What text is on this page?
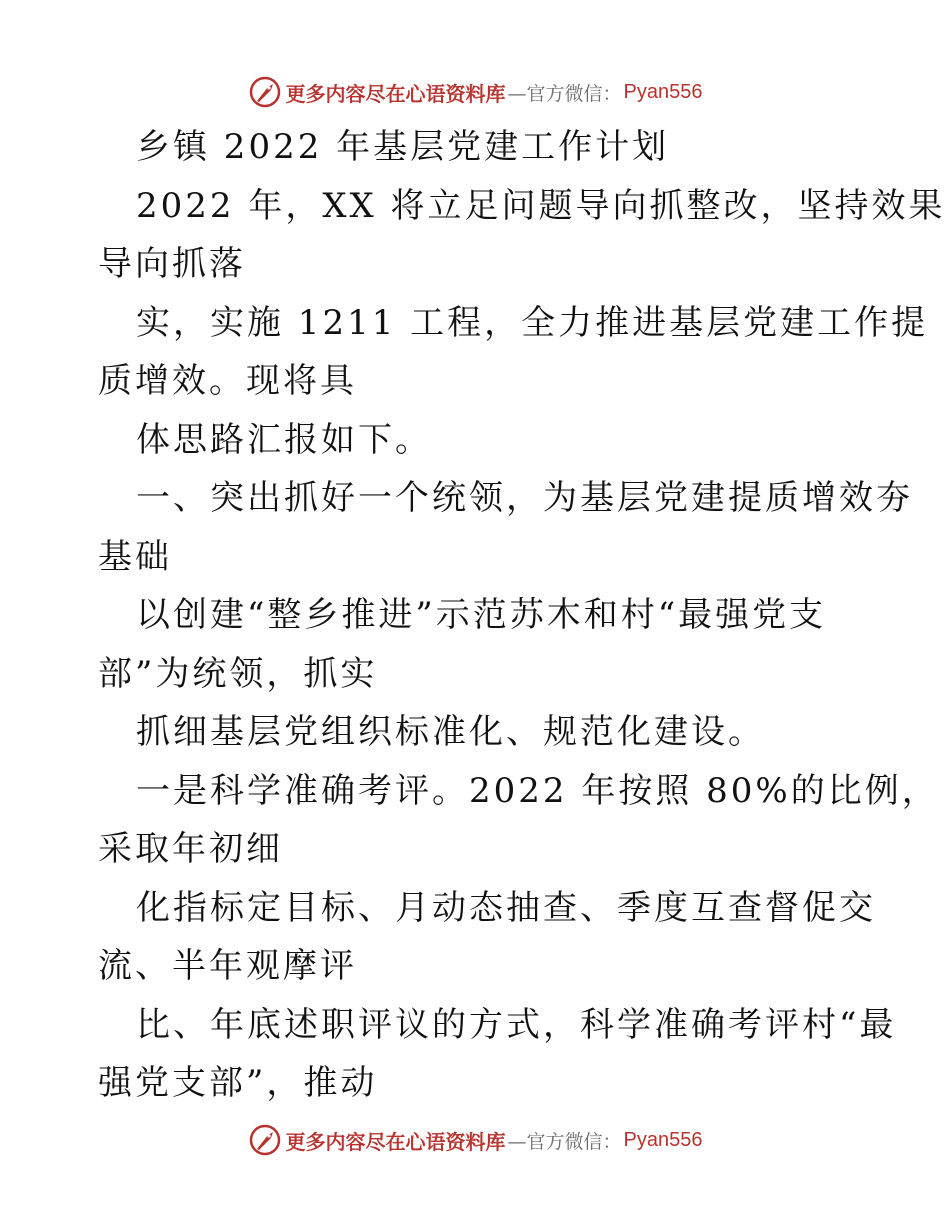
更多内容尽在心语资料库 —官方微信： Pyan556
乡镇 2022 年基层党建工作计划
2022 年，XX 将立足问题导向抓整改，坚持效果
导向抓落
实，实施 1211 工程，全力推进基层党建工作提
质增效。现将具
体思路汇报如下。
一、突出抓好一个统领，为基层党建提质增效夯
基础
以创建“整乡推进”示范苏木和村“最强党支
部”为统领，抓实
抓细基层党组织标准化、规范化建设。
一是科学准确考评。2022 年按照 80%的比例，
采取年初细
化指标定目标、月动态抽查、季度互查督促交
流、半年观摩评
比、年底述职评议的方式，科学准确考评村“最
强党支部”，推动
更多内容尽在心语资料库 —官方微信： Pyan556
